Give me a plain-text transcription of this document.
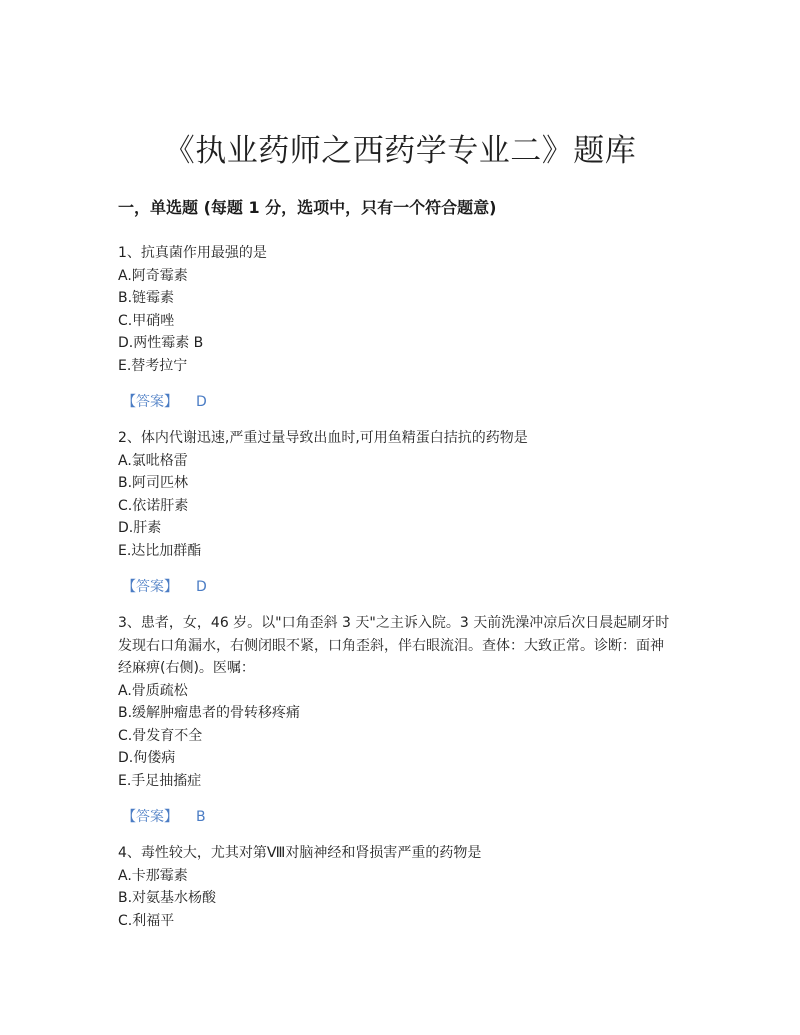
《执业药师之西药学专业二》题库
一，单选题 (每题 1 分，选项中，只有一个符合题意)

1、抗真菌作用最强的是

A.阿奇霉素

B.链霉素

C.甲硝唑

D.两性霉素 B

E.替考拉宁

【答案】 D

2、体内代谢迅速,严重过量导致出血时,可用鱼精蛋白拮抗的药物是

A.氯吡格雷

B.阿司匹林

C.依诺肝素

D.肝素

E.达比加群酯

【答案】 D

3、患者，女，46 岁。以"口角歪斜 3 天"之主诉入院。3 天前洗澡冲凉后次日晨起刷牙时

发现右口角漏水，右侧闭眼不紧，口角歪斜，伴右眼流泪。查体：大致正常。诊断：面神

经麻痹(右侧)。医嘱：

A.骨质疏松

B.缓解肿瘤患者的骨转移疼痛

C.骨发育不全

D.佝偻病

E.手足抽搐症

【答案】 B

4、毒性较大，尤其对第Ⅷ对脑神经和肾损害严重的药物是

A.卡那霉素

B.对氨基水杨酸

C.利福平
